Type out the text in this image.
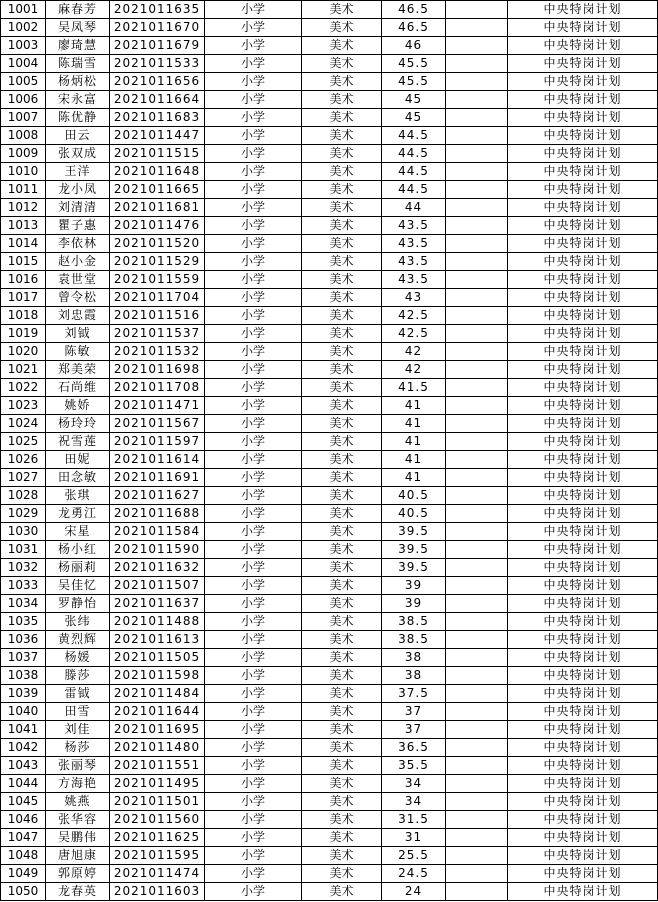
1001	麻春芳	2021011635	小学	美术	46.5		中央特岗计划
1002	吴凤琴	2021011670	小学	美术	46.5		中央特岗计划
1003	廖琦慧	2021011679	小学	美术	46		中央特岗计划
1004	陈瑞雪	2021011533	小学	美术	45.5		中央特岗计划
1005	杨炳松	2021011656	小学	美术	45.5		中央特岗计划
1006	宋永富	2021011664	小学	美术	45		中央特岗计划
1007	陈优静	2021011683	小学	美术	45		中央特岗计划
1008	田云	2021011447	小学	美术	44.5		中央特岗计划
1009	张双成	2021011515	小学	美术	44.5		中央特岗计划
1010	王洋	2021011648	小学	美术	44.5		中央特岗计划
1011	龙小凤	2021011665	小学	美术	44.5		中央特岗计划
1012	刘清清	2021011681	小学	美术	44		中央特岗计划
1013	瞿子惠	2021011476	小学	美术	43.5		中央特岗计划
1014	李依林	2021011520	小学	美术	43.5		中央特岗计划
1015	赵小金	2021011529	小学	美术	43.5		中央特岗计划
1016	袁世堂	2021011559	小学	美术	43.5		中央特岗计划
1017	曾令松	2021011704	小学	美术	43		中央特岗计划
1018	刘忠霞	2021011516	小学	美术	42.5		中央特岗计划
1019	刘钺	2021011537	小学	美术	42.5		中央特岗计划
1020	陈敏	2021011532	小学	美术	42		中央特岗计划
1021	郑美荣	2021011698	小学	美术	42		中央特岗计划
1022	石尚维	2021011708	小学	美术	41.5		中央特岗计划
1023	姚娇	2021011471	小学	美术	41		中央特岗计划
1024	杨玲玲	2021011567	小学	美术	41		中央特岗计划
1025	祝雪莲	2021011597	小学	美术	41		中央特岗计划
1026	田妮	2021011614	小学	美术	41		中央特岗计划
1027	田念敏	2021011691	小学	美术	41		中央特岗计划
1028	张琪	2021011627	小学	美术	40.5		中央特岗计划
1029	龙勇江	2021011688	小学	美术	40.5		中央特岗计划
1030	宋星	2021011584	小学	美术	39.5		中央特岗计划
1031	杨小红	2021011590	小学	美术	39.5		中央特岗计划
1032	杨丽莉	2021011632	小学	美术	39.5		中央特岗计划
1033	吴佳忆	2021011507	小学	美术	39		中央特岗计划
1034	罗静怡	2021011637	小学	美术	39		中央特岗计划
1035	张纬	2021011488	小学	美术	38.5		中央特岗计划
1036	黄烈辉	2021011613	小学	美术	38.5		中央特岗计划
1037	杨媛	2021011505	小学	美术	38		中央特岗计划
1038	滕莎	2021011598	小学	美术	38		中央特岗计划
1039	雷钺	2021011484	小学	美术	37.5		中央特岗计划
1040	田雪	2021011644	小学	美术	37		中央特岗计划
1041	刘佳	2021011695	小学	美术	37		中央特岗计划
1042	杨莎	2021011480	小学	美术	36.5		中央特岗计划
1043	张丽琴	2021011551	小学	美术	35.5		中央特岗计划
1044	方海艳	2021011495	小学	美术	34		中央特岗计划
1045	姚燕	2021011501	小学	美术	34		中央特岗计划
1046	张华容	2021011560	小学	美术	31.5		中央特岗计划
1047	吴鹏伟	2021011625	小学	美术	31		中央特岗计划
1048	唐旭康	2021011595	小学	美术	25.5		中央特岗计划
1049	郭原婷	2021011474	小学	美术	24.5		中央特岗计划
1050	龙春英	2021011603	小学	美术	24		中央特岗计划
